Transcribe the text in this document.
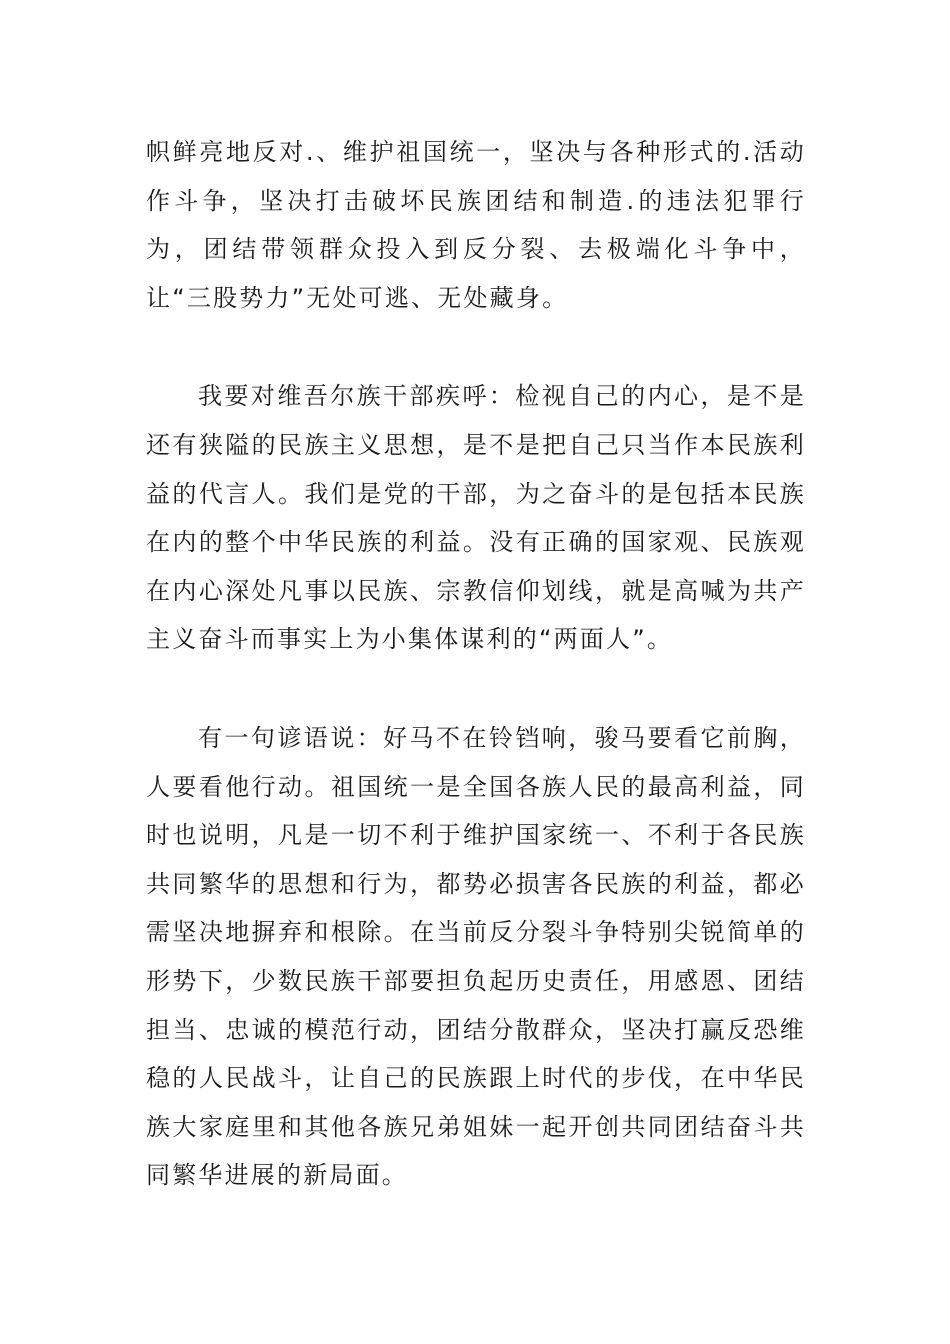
帜鲜亮地反对.、维护祖国统一，坚决与各种形式的.活动作斗争，坚决打击破坏民族团结和制造.的违法犯罪行为，团结带领群众投入到反分裂、去极端化斗争中，让“三股势力”无处可逃、无处藏身。

我要对维吾尔族干部疾呼：检视自己的内心，是不是还有狭隘的民族主义思想，是不是把自己只当作本民族利益的代言人。我们是党的干部，为之奋斗的是包括本民族在内的整个中华民族的利益。没有正确的国家观、民族观在内心深处凡事以民族、宗教信仰划线，就是高喊为共产主义奋斗而事实上为小集体谋利的“两面人”。

有一句谚语说：好马不在铃铛响，骏马要看它前胸，人要看他行动。祖国统一是全国各族人民的最高利益，同时也说明，凡是一切不利于维护国家统一、不利于各民族共同繁华的思想和行为，都势必损害各民族的利益，都必需坚决地摒弃和根除。在当前反分裂斗争特别尖锐简单的形势下，少数民族干部要担负起历史责任，用感恩、团结担当、忠诚的模范行动，团结分散群众，坚决打赢反恐维稳的人民战斗，让自己的民族跟上时代的步伐，在中华民族大家庭里和其他各族兄弟姐妹一起开创共同团结奋斗共同繁华进展的新局面。
